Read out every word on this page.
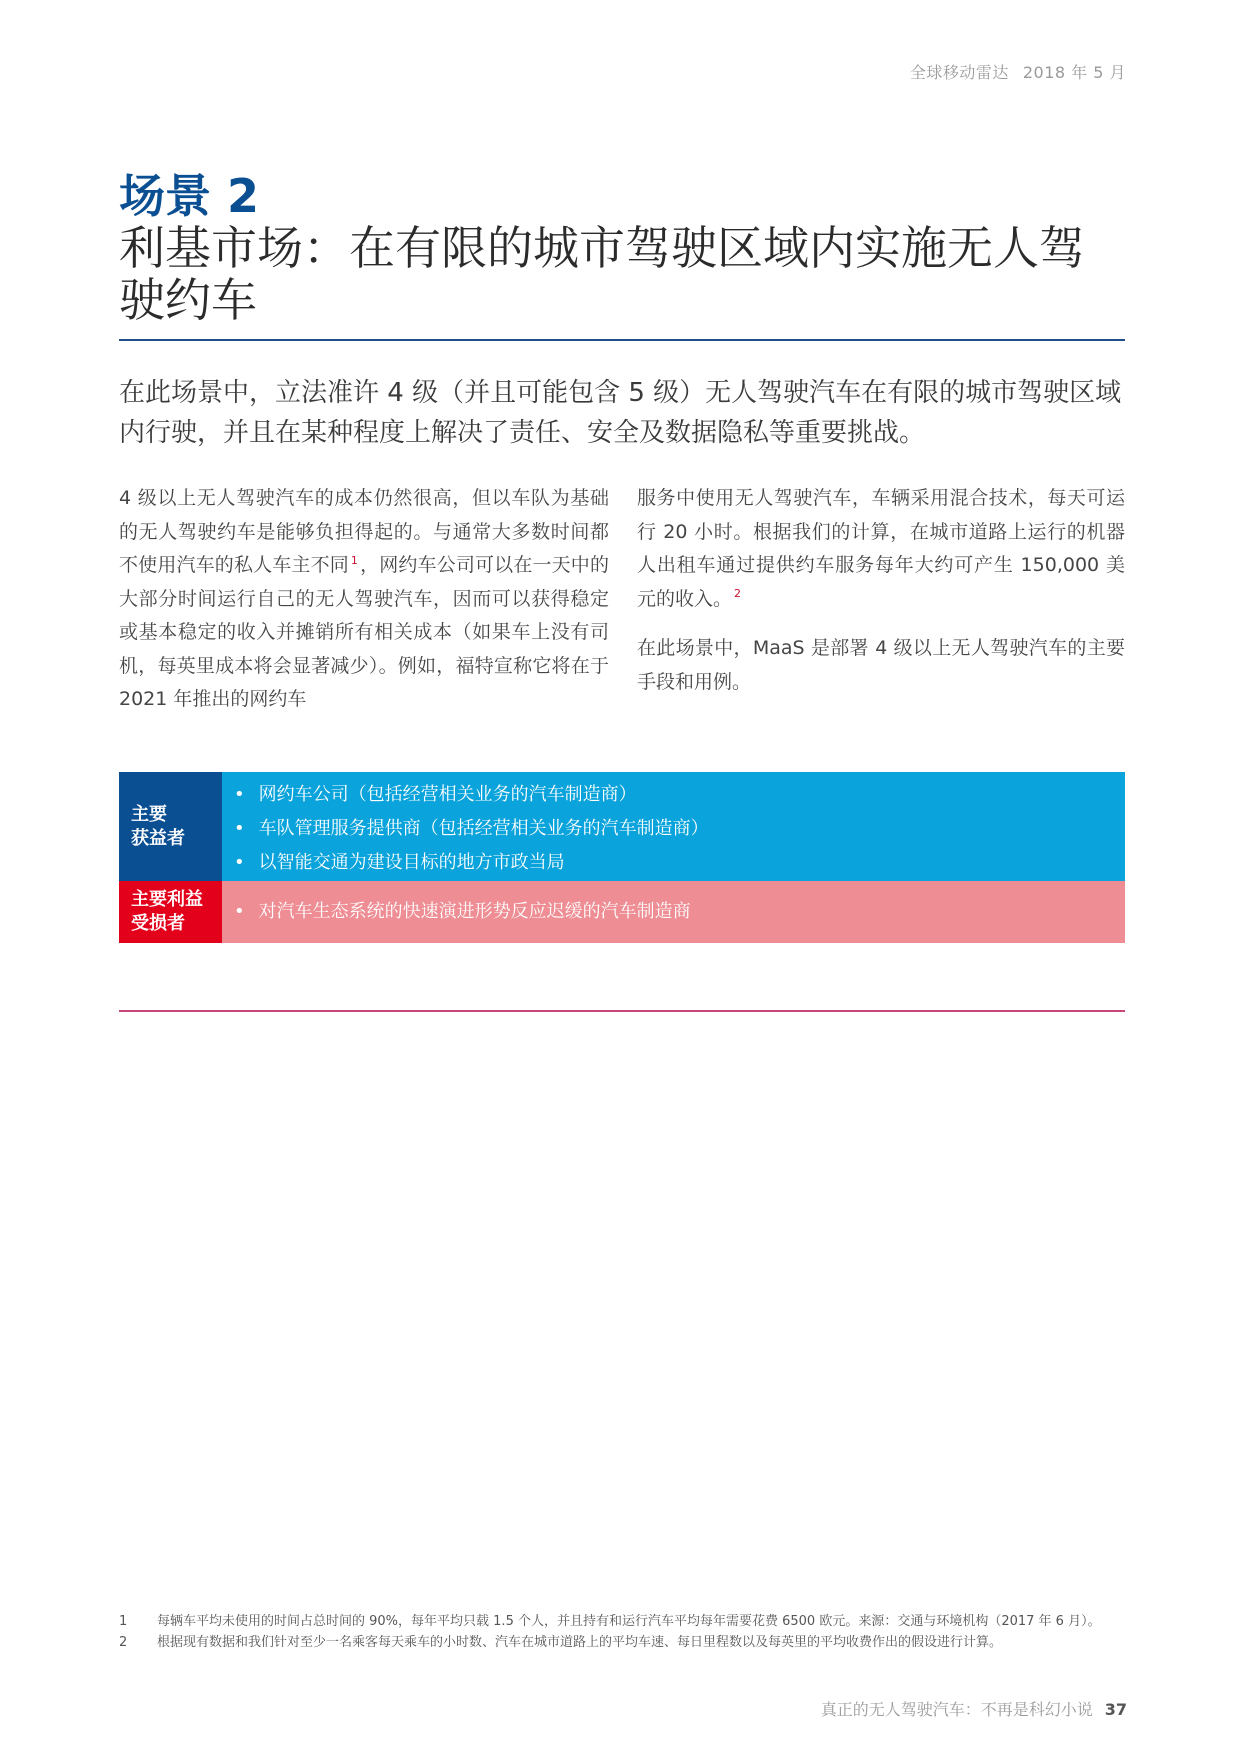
全球移动雷达 2018 年 5 月
场景 2
利基市场：在有限的城市驾驶区域内实施无人驾驶约车
在此场景中，立法准许 4 级（并且可能包含 5 级）无人驾驶汽车在有限的城市驾驶区域内行驶，并且在某种程度上解决了责任、安全及数据隐私等重要挑战。

4 级以上无人驾驶汽车的成本仍然很高，但以车队为基础的无人驾驶约车是能够负担得起的。与通常大多数时间都不使用汽车的私人车主不同 $^1$ ，网约车公司可以在一天中的大部分时间运行自己的无人驾驶汽车，因而可以获得稳定或基本稳定的收入并摊销所有相关成本（如果车上没有司机，每英里成本将会显著减少）。例如，福特宣称它将在于 2021 年推出的网约车

服务中使用无人驾驶汽车，车辆采用混合技术，每天可运行 20 小时。根据我们的计算，在城市道路上运行的机器人出租车通过提供约车服务每年大约可产生 150,000 美元的收入。 $^2$

在此场景中，MaaS 是部署 4 级以上无人驾驶汽车的主要手段和用例。

主要
获益者
• 网约车公司（包括经营相关业务的汽车制造商）
• 车队管理服务提供商（包括经营相关业务的汽车制造商）
• 以智能交通为建设目标的地方市政当局
主要利益
受损者
• 对汽车生态系统的快速演进形势反应迟缓的汽车制造商
1	每辆车平均未使用的时间占总时间的 90%，每年平均只载 1.5 个人，并且持有和运行汽车平均每年需要花费 6500 欧元。来源：交通与环境机构（2017 年 6 月）。
2	根据现有数据和我们针对至少一名乘客每天乘车的小时数、汽车在城市道路上的平均车速、每日里程数以及每英里的平均收费作出的假设进行计算。
真正的无人驾驶汽车：不再是科幻小说 37
